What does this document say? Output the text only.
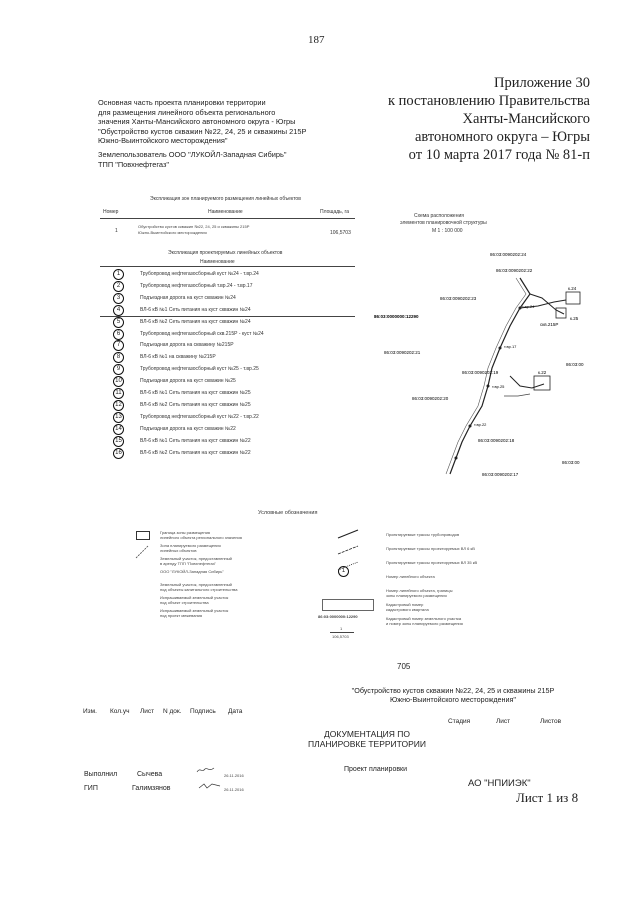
187
Приложение 30
к постановлению Правительства
Ханты-Мансийского
автономного округа – Югры
от 10 марта 2017 года № 81-п
Основная часть проекта планировки территории
для размещения линейного объекта регионального
значения Ханты-Мансийского автономного округа - Югры
"Обустройство кустов скважин №22, 24, 25 и скважины 215Р
Южно-Выинтойского месторождения"
Землепользователь ООО "ЛУКОЙЛ-Западная Сибирь"
ТПП "Повхнефтегаз"
Экспликация зон планируемого размещения линейных объектов
Номер	Наименование	Площадь, га
1
Обустройство кустов скважин №22, 24, 25 и скважины 215Р
Южно-Выинтойского месторождения	106,5703
Экспликация проектируемых линейных объектов
Наименование
1	Трубопровод нефтегазосборный куст №24 - т.вр.24
2	Трубопровод нефтегазосборный т.вр.24 - т.вр.17
3	Подъездная дорога на куст скважин №24
4	ВЛ-6 кВ №1 Сеть питания на куст скважин №24
5	ВЛ-6 кВ №2 Сеть питания на куст скважин №24
6	Трубопровод нефтегазосборный скв.215Р - куст №24
7	Подъездная дорога на скважину №215Р
8	ВЛ-6 кВ №1 на скважину №215Р
9	Трубопровод нефтегазосборный куст №25 - т.вр.25
10	Подъездная дорога на куст скважин №25
11	ВЛ-6 кВ №1 Сеть питания на куст скважин №25
12	ВЛ-6 кВ №2 Сеть питания на куст скважин №25
13	Трубопровод нефтегазосборный куст №22 - т.вр.22
14	Подъездная дорога на куст скважин №22
15	ВЛ-6 кВ №1 Сеть питания на куст скважин №22
16	ВЛ-6 кВ №2 Сеть питания на куст скважин №22
Схема расположения
элементов планировочной структуры
М 1 : 100 000
86:03:0090202:24
86:03:0090202:22
86:03:0090202:23
86:03:0000000:12290
86:03:0090202:21
86:03:0090202:19
86:03:0090202:20
86:03:0090202:18
86:03:0090202:17
86:03:00
86:03:00
к.24
к.25
к.22
скв.215Р
т.вр.24
т.вр.17
т.вр.25
т.вр.22
Условные обозначения
Граница зоны размещения
линейного объекта регионального значения
Зона планируемого размещения
линейных объектов
Земельный участок, предоставленный
в аренду ТПП "Повхнефтегаз"
ООО "ЛУКОЙЛ-Западная Сибирь"
Земельный участок, предоставленный
под объекты капитального строительства
Испрашиваемый земельный участок
под объект строительства
Испрашиваемый земельный участок
под проект межевания
Проектируемые трассы трубопроводов
Проектируемые трассы проектируемых ВЛ 6 кВ
Проектируемые трассы проектируемых ВЛ 35 кВ
Номер линейного объекта
Номер линейного объекта, границы
зоны планируемого размещения
Кадастровый номер
кадастрового квартала
Кадастровый номер земельного участка
и номер зоны планируемого размещения
1
86:03:0000000:12290
1
106,5703
705
"Обустройство кустов скважин №22, 24, 25 и скважины 215Р
Южно-Выинтойского месторождения"
Изм. Кол.уч Лист N док. Подпись Дата
ДОКУМЕНТАЦИЯ ПО
ПЛАНИРОВКЕ ТЕРРИТОРИИ
Стадия	Лист	Листов
Проект планировки
АО "НПИИЭК"
Выполнил	Сычева	26.11.2016
ГИП	Галимзянов	26.11.2016
Лист 1 из 8
